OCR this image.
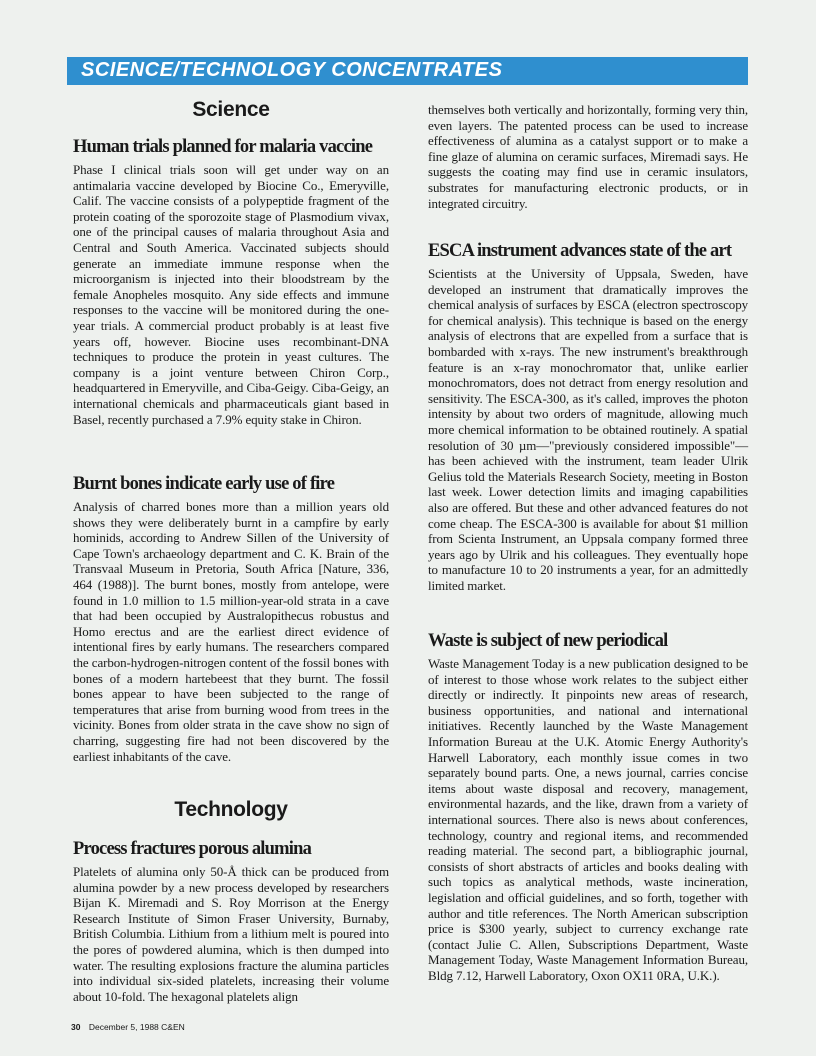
SCIENCE/TECHNOLOGY CONCENTRATES
Science
Human trials planned for malaria vaccine

Phase I clinical trials soon will get under way on an antimalaria vaccine developed by Biocine Co., Emeryville, Calif. The vaccine consists of a polypeptide fragment of the protein coating of the sporozoite stage of Plasmodium vivax, one of the principal causes of malaria throughout Asia and Central and South America. Vaccinated subjects should generate an immediate immune response when the microorganism is injected into their bloodstream by the female Anopheles mosquito. Any side effects and immune responses to the vaccine will be monitored during the one-year trials. A commercial product probably is at least five years off, however. Biocine uses recombinant-DNA techniques to produce the protein in yeast cultures. The company is a joint venture between Chiron Corp., headquartered in Emeryville, and Ciba-Geigy. Ciba-Geigy, an international chemicals and pharmaceuticals giant based in Basel, recently purchased a 7.9% equity stake in Chiron.

Burnt bones indicate early use of fire

Analysis of charred bones more than a million years old shows they were deliberately burnt in a campfire by early hominids, according to Andrew Sillen of the University of Cape Town's archaeology department and C. K. Brain of the Transvaal Museum in Pretoria, South Africa [Nature, 336, 464 (1988)]. The burnt bones, mostly from antelope, were found in 1.0 million to 1.5 million-year-old strata in a cave that had been occupied by Australopithecus robustus and Homo erectus and are the earliest direct evidence of intentional fires by early humans. The researchers compared the carbon-hydrogen-nitrogen content of the fossil bones with bones of a modern hartebeest that they burnt. The fossil bones appear to have been subjected to the range of temperatures that arise from burning wood from trees in the vicinity. Bones from older strata in the cave show no sign of charring, suggesting fire had not been discovered by the earliest inhabitants of the cave.

Technology
Process fractures porous alumina

Platelets of alumina only 50-Å thick can be produced from alumina powder by a new process developed by researchers Bijan K. Miremadi and S. Roy Morrison at the Energy Research Institute of Simon Fraser University, Burnaby, British Columbia. Lithium from a lithium melt is poured into the pores of powdered alumina, which is then dumped into water. The resulting explosions fracture the alumina particles into individual six-sided platelets, increasing their volume about 10-fold. The hexagonal platelets align

themselves both vertically and horizontally, forming very thin, even layers. The patented process can be used to increase effectiveness of alumina as a catalyst support or to make a fine glaze of alumina on ceramic surfaces, Miremadi says. He suggests the coating may find use in ceramic insulators, substrates for manufacturing electronic products, or in integrated circuitry.

ESCA instrument advances state of the art

Scientists at the University of Uppsala, Sweden, have developed an instrument that dramatically improves the chemical analysis of surfaces by ESCA (electron spectroscopy for chemical analysis). This technique is based on the energy analysis of electrons that are expelled from a surface that is bombarded with x-rays. The new instrument's breakthrough feature is an x-ray monochromator that, unlike earlier monochromators, does not detract from energy resolution and sensitivity. The ESCA-300, as it's called, improves the photon intensity by about two orders of magnitude, allowing much more chemical information to be obtained routinely. A spatial resolution of 30 µm—"previously considered impossible"—has been achieved with the instrument, team leader Ulrik Gelius told the Materials Research Society, meeting in Boston last week. Lower detection limits and imaging capabilities also are offered. But these and other advanced features do not come cheap. The ESCA-300 is available for about $1 million from Scienta Instrument, an Uppsala company formed three years ago by Ulrik and his colleagues. They eventually hope to manufacture 10 to 20 instruments a year, for an admittedly limited market.

Waste is subject of new periodical

Waste Management Today is a new publication designed to be of interest to those whose work relates to the subject either directly or indirectly. It pinpoints new areas of research, business opportunities, and national and international initiatives. Recently launched by the Waste Management Information Bureau at the U.K. Atomic Energy Authority's Harwell Laboratory, each monthly issue comes in two separately bound parts. One, a news journal, carries concise items about waste disposal and recovery, management, environmental hazards, and the like, drawn from a variety of international sources. There also is news about conferences, technology, country and regional items, and recommended reading material. The second part, a bibliographic journal, consists of short abstracts of articles and books dealing with such topics as analytical methods, waste incineration, legislation and official guidelines, and so forth, together with author and title references. The North American subscription price is $300 yearly, subject to currency exchange rate (contact Julie C. Allen, Subscriptions Department, Waste Management Today, Waste Management Information Bureau, Bldg 7.12, Harwell Laboratory, Oxon OX11 0RA, U.K.).

30 December 5, 1988 C&EN
